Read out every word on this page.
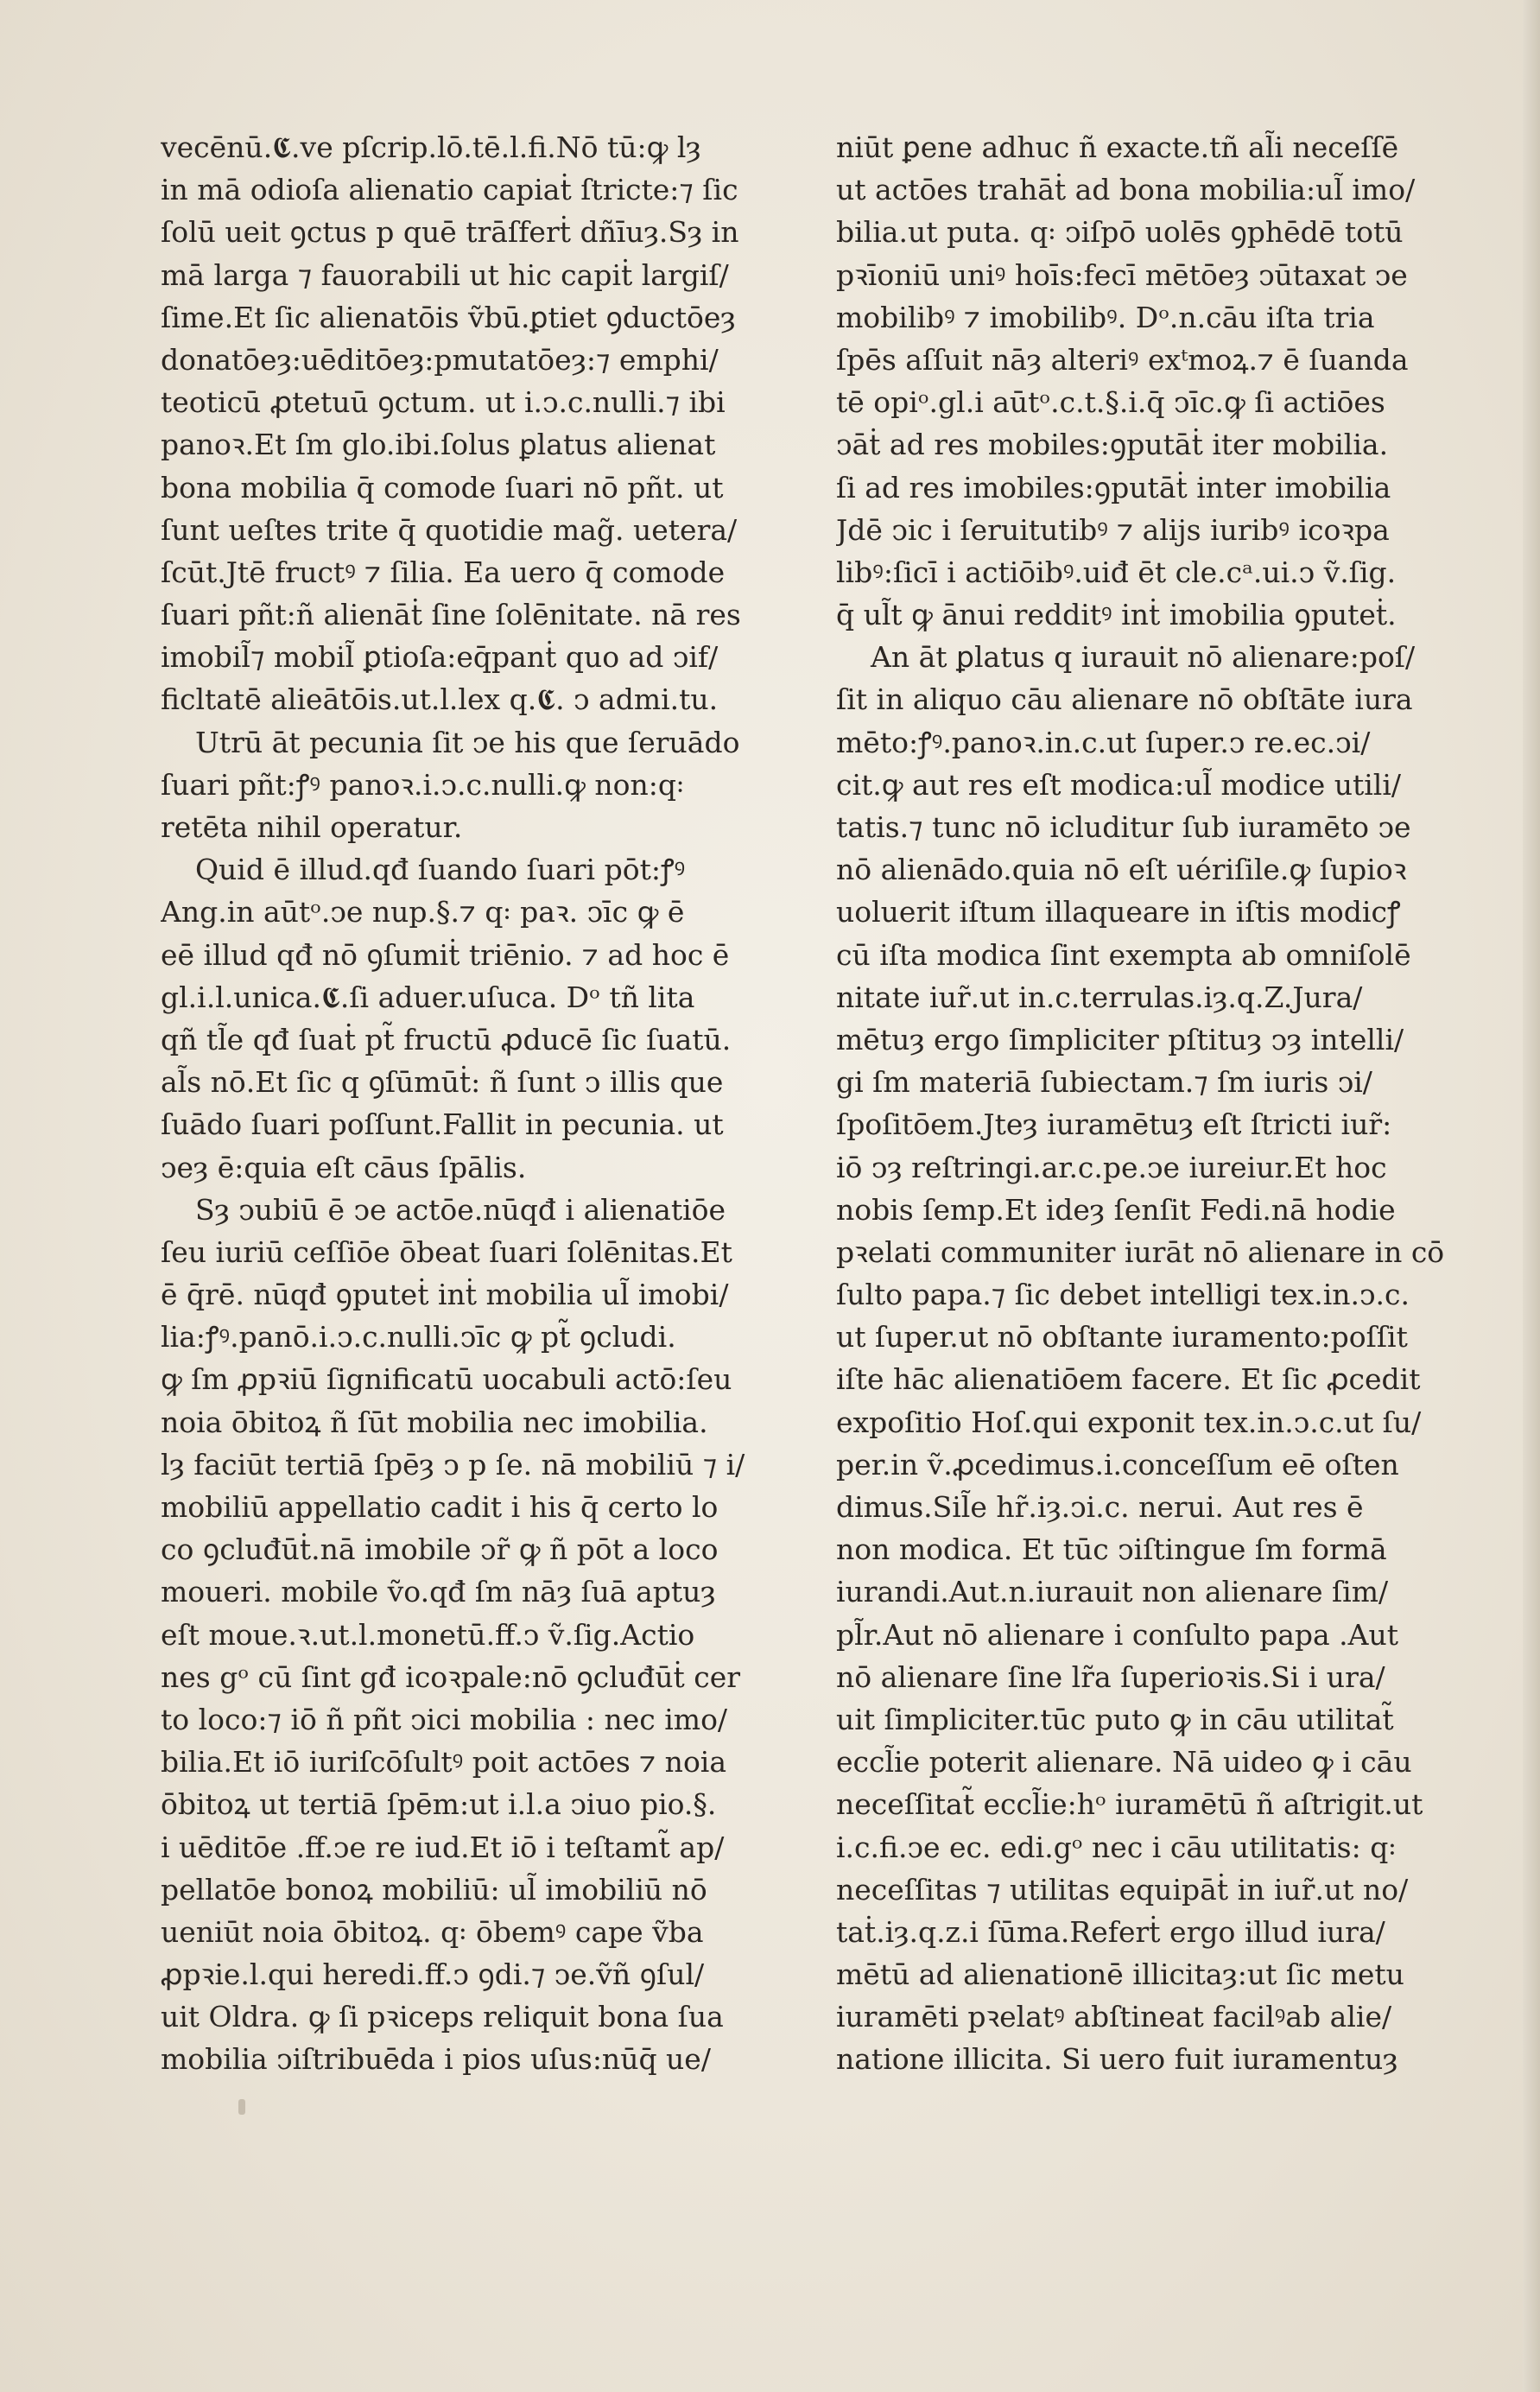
vecēnū.𝕮.ve pſcrip.lō.tē.l.fi.Nō tū:ꝙ lȝ
in mā odioſa alienatio capiaṫ ſtricte:⁊ ſic
ſolū ueit ꝯctus p quē trāſferṫ dñīuȝ.Sȝ in
mā larga ⁊ fauorabili ut hic capiṫ largiſ/
ſime.Et ſic alienatōis ṽbū.ꝑtiet ꝯductōeȝ
donatōeȝ:uēditōeȝ:pmutatōeȝ:⁊ emphi/
teoticū ꝓtetuū ꝯctum. ut i.ↄ.c.nulli.⁊ ibi
panoꝛ.Et ſm glo.ibi.ſolus ꝑlatus alienat
bona mobilia q̄ comode ſuari nō pñt. ut
ſunt ueſtes trite q̄ quotidie mag̃. uetera/
ſcūt.Jtē fructꝰ ⁊ ſilia. Ea uero q̄ comode
ſuari pñt:ñ alienāṫ ſine ſolēnitate. nā res
imobil̃⁊ mobil̃ ꝑtioſa:eq̄panṫ quo ad ↄif/
ficltatē alieātōis.ut.l.lex q.𝕮. ↄ admi.tu.
Utrū āt pecunia ſit ↄe his que ſeruādo
ſuari pñt:ꝭꝰ panoꝛ.i.ↄ.c.nulli.ꝙ non:q꞉
retēta nihil operatur.
Quid ē illud.qđ ſuando ſuari pōt:ꝭꝰ
Ang.in aūtᵒ.ↄe nup.§.⁊ q꞉ paꝛ. ↄīc ꝙ ē
eē illud qđ nō ꝯſumiṫ triēnio. ⁊ ad hoc ē
gl.i.l.unica.𝕮.ſi aduer.uſuca. Dᵒ tñ lita
qñ tl̃e qđ ſuaṫ pt̃ fructū ꝓducē ſic ſuatū.
al̃s nō.Et ſic q ꝯſūmūṫ: ñ ſunt ↄ illis que
ſuādo ſuari poſſunt.Fallit in pecunia. ut
ↄeȝ ē:quia eſt cāus ſpālis.
Sȝ ↄubiū ē ↄe actōe.nūqđ i alienatiōe
ſeu iuriū ceſſiōe ōbeat ſuari ſolēnitas.Et
ē q̄rē. nūqđ ꝯputeṫ inṫ mobilia ul̃ imobi/
lia:ꝭꝰ.panō.i.ↄ.c.nulli.ↄīc ꝙ pt̃ ꝯcludi.
ꝙ ſm ꝓpꝛiū ſignificatū uocabuli actō:ſeu
noia ōbitoꝝ ñ ſūt mobilia nec imobilia.
lȝ faciūt tertiā ſpēȝ ↄ p ſe. nā mobiliū ⁊ i/
mobiliū appellatio cadit i his q̄ certo lo
co ꝯcluđūṫ.nā imobile ↄr̃ ꝙ ñ pōt a loco
moueri. mobile ṽo.qđ ſm nāȝ ſuā aptuȝ
eſt moue.ꝛ.ut.l.monetū.ff.ↄ ṽ.ſig.Actio
nes gᵒ cū ſint gđ icoꝛpale:nō ꝯcluđūṫ cer
to loco:⁊ iō ñ pñt ↄici mobilia : nec imo/
bilia.Et iō iuriſcōſultꝰ poit actōes ⁊ noia
ōbitoꝝ ut tertiā ſpēm:ut i.l.a ↄiuo pio.§.
i uēditōe .ff.ↄe re iud.Et iō i teſtamt̃ ap/
pellatōe bonoꝝ mobiliū: ul̃ imobiliū nō
ueniūt noia ōbitoꝝ. q꞉ ōbemꝰ cape ṽba
ꝓpꝛie.l.qui heredi.ff.ↄ ꝯdi.⁊ ↄe.ṽñ ꝯſul/
uit Oldra. ꝙ ſi pꝛiceps reliquit bona ſua
mobilia ↄiſtribuēda i pios uſus:nūq̄ ue/
niūt ꝑene adhuc ñ exacte.tñ al̃i neceſſē
ut actōes trahāṫ ad bona mobilia:ul̃ imo/
bilia.ut puta. q꞉ ↄiſpō uolēs ꝯphēdē totū
pꝛīoniū uniꝰ hoīs:fecī mētōeȝ ↄūtaxat ↄe
mobilibꝰ ⁊ imobilibꝰ. Dᵒ.n.cāu iſta tria
ſpēs aſſuit nāȝ alteriꝰ exᵗmoꝝ.⁊ ē ſuanda
tē opiᵒ.gl.i aūtᵒ.c.t.§.i.q̄ ↄīc.ꝙ ſi actiōes
ↄāṫ ad res mobiles:ꝯputāṫ iter mobilia.
ſi ad res imobiles:ꝯputāṫ inter imobilia
Jdē ↄic i ſeruitutibꝰ ⁊ alijs iuribꝰ icoꝛpa
libꝰ:ſicī i actiōibꝰ.uiđ ēt cle.cᵃ.ui.ↄ ṽ.ſig.
q̄ ul̃t ꝙ ānui redditꝰ inṫ imobilia ꝯputeṫ.
An āt ꝑlatus q iurauit nō alienare:poſ/
ſit in aliquo cāu alienare nō obſtāte iura
mēto:ꝭꝰ.panoꝛ.in.c.ut ſuper.ↄ re.ec.ↄi/
cit.ꝙ aut res eſt modica:ul̃ modice utili/
tatis.⁊ tunc nō icluditur ſub iuramēto ↄe
nō alienādo.quia nō eſt uériſile.ꝙ ſupioꝛ
uoluerit iſtum illaqueare in iſtis modicꝭ
cū iſta modica ſint exempta ab omniſolē
nitate iur̃.ut in.c.terrulas.iȝ.q.Z.Jura/
mētuȝ ergo ſimpliciter pſtituȝ ↄȝ intelli/
gi ſm materiā ſubiectam.⁊ ſm iuris ↄi/
ſpoſitōem.Jteȝ iuramētuȝ eſt ſtricti iur̃:
iō ↄȝ reſtringi.ar.c.pe.ↄe iureiur.Et hoc
nobis ſemp.Et ideȝ ſenſit Fedi.nā hodie
pꝛelati communiter iurāt nō alienare in cō
ſulto papa.⁊ ſic debet intelligi tex.in.ↄ.c.
ut ſuper.ut nō obſtante iuramento:poſſit
iſte hāc alienatiōem facere. Et ſic ꝓcedit
expoſitio Hoſ.qui exponit tex.in.ↄ.c.ut ſu/
per.in ṽ.ꝓcedimus.i.conceſſum eē oſten
dimus.Sil̃e hr̃.iȝ.ↄi.c. nerui. Aut res ē
non modica. Et tūc ↄiſtingue ſm formā
iurandi.Aut.n.iurauit non alienare ſim/
pl̃r.Aut nō alienare i conſulto papa .Aut
nō alienare ſine lr̃a ſuperioꝛis.Si i ura/
uit ſimpliciter.tūc puto ꝙ in cāu utilitat̃
eccl̃ie poterit alienare. Nā uideo ꝙ i cāu
neceſſitat̃ eccl̃ie:hᵒ iuramētū ñ aſtrigit.ut
i.c.fi.ↄe ec. edi.gᵒ nec i cāu utilitatis: q꞉
neceſſitas ⁊ utilitas equipāṫ in iur̃.ut no/
taṫ.iȝ.q.z.i ſūma.Referṫ ergo illud iura/
mētū ad alienationē illicitaȝ:ut ſic metu
iuramēti pꝛelatꝰ abſtineat facilꝰab alie/
natione illicita. Si uero fuit iuramentuȝ
